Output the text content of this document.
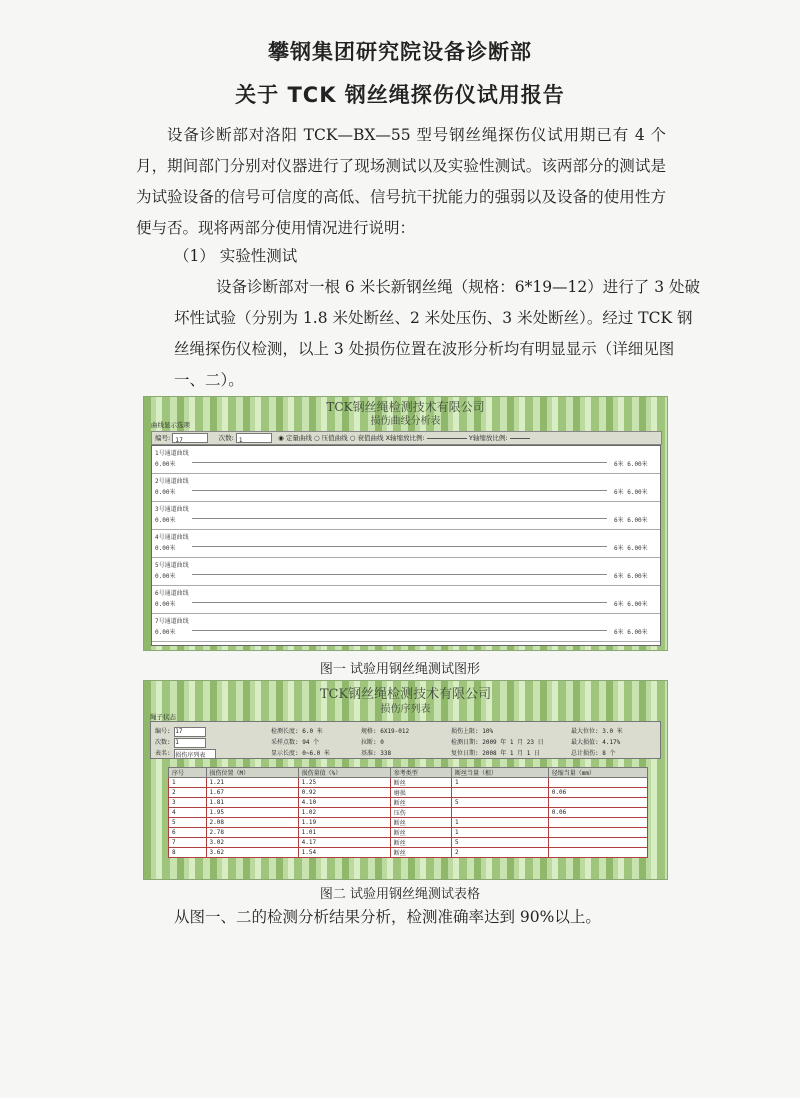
攀钢集团研究院设备诊断部
关于 TCK 钢丝绳探伤仪试用报告
设备诊断部对洛阳 TCK—BX—55 型号钢丝绳探伤仪试用期已有 4 个月，期间部门分别对仪器进行了现场测试以及实验性测试。该两部分的测试是为试验设备的信号可信度的高低、信号抗干扰能力的强弱以及设备的使用性方便与否。现将两部分使用情况进行说明：
（1） 实验性测试
设备诊断部对一根 6 米长新钢丝绳（规格：6*19—12）进行了 3 处破
坏性试验（分别为 1.8 米处断丝、2 米处压伤、3 米处断丝）。经过 TCK 钢
丝绳探伤仪检测，以上 3 处损伤位置在波形分析均有明显显示（详细见图
一、二）。
TCK钢丝绳检测技术有限公司
损伤曲线分析表
曲线显示选项
编号: 17	次数: 1	◉ 定量曲线 ○ 压值曲线 ○ 衰值曲线 X轴缩放比例:	Y轴缩放比例:
1号通道曲线
0.00米	6米 6.00米
2号通道曲线
0.00米	6米 6.00米
3号通道曲线
0.00米	6米 6.00米
4号通道曲线
0.00米	6米 6.00米
5号通道曲线
0.00米	6米 6.00米
6号通道曲线
0.00米	6米 6.00米
7号通道曲线
0.00米	6米 6.00米
图一 试验用钢丝绳测试图形
TCK钢丝绳检测技术有限公司
损伤序列表
绳子状态
编号: 17
次数: 1
表名: 损伤序列表
检测长度: 6.0 米
采样点数: 94 个
显示长度: 0~6.0 米
规格: 6X19-012
拉断: 0
基准: 338
损伤上限: 10%
检测日期: 2009 年 1 月 23 日
复位日期: 2008 年 1 月 1 日
最大位位: 3.0 米
最大损值: 4.17%
总计损伤: 8 个
序号	损伤位置（M）	损伤量值（%）	参考类型	断丝当量（根）	径缩当量（mm）
1	1.21	1.25	断丝	1	
2	1.67	0.92	磨损		0.06
3	1.81	4.10	断丝	5	
4	1.95	1.02	压伤		0.06
5	2.08	1.19	断丝	1	
6	2.78	1.01	断丝	1	
7	3.02	4.17	断丝	5	
8	3.62	1.54	断丝	2	
图二 试验用钢丝绳测试表格
从图一、二的检测分析结果分析，检测准确率达到 90%以上。
